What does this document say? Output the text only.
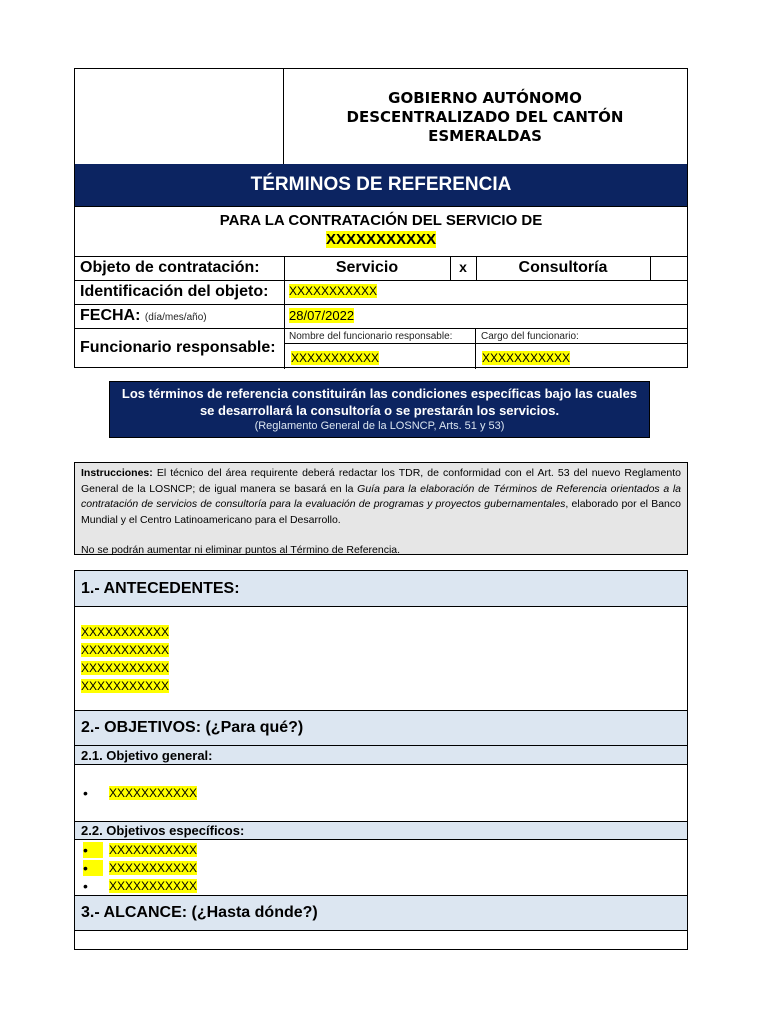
GOBIERNO AUTÓNOMO DESCENTRALIZADO DEL CANTÓN ESMERALDAS
TÉRMINOS DE REFERENCIA
PARA LA CONTRATACIÓN DEL SERVICIO DE
XXXXXXXXXXX
Objeto de contratación:	Servicio	x	Consultoría
Identificación del objeto: XXXXXXXXXXX
FECHA: (día/mes/año)	28/07/2022
Funcionario responsable:
Nombre del funcionario responsable:	Cargo del funcionario:
XXXXXXXXXXX	XXXXXXXXXXX
Los términos de referencia constituirán las condiciones específicas bajo las cuales
se desarrollará la consultoría o se prestarán los servicios.
(Reglamento General de la LOSNCP, Arts. 51 y 53)
Instrucciones: El técnico del área requirente deberá redactar los TDR, de conformidad con el Art. 53 del nuevo Reglamento General de la LOSNCP; de igual manera se basará en la Guía para la elaboración de Términos de Referencia orientados a la contratación de servicios de consultoría para la evaluación de programas y proyectos gubernamentales, elaborado por el Banco Mundial y el Centro Latinoamericano para el Desarrollo.
No se podrán aumentar ni eliminar puntos al Término de Referencia.
1.- ANTECEDENTES:
XXXXXXXXXXX
XXXXXXXXXXX
XXXXXXXXXXX
XXXXXXXXXXX
2.- OBJETIVOS: (¿Para qué?)
2.1. Objetivo general:
•	XXXXXXXXXXX
2.2. Objetivos específicos:
•	XXXXXXXXXXX
•	XXXXXXXXXXX
•	XXXXXXXXXXX
3.- ALCANCE: (¿Hasta dónde?)
